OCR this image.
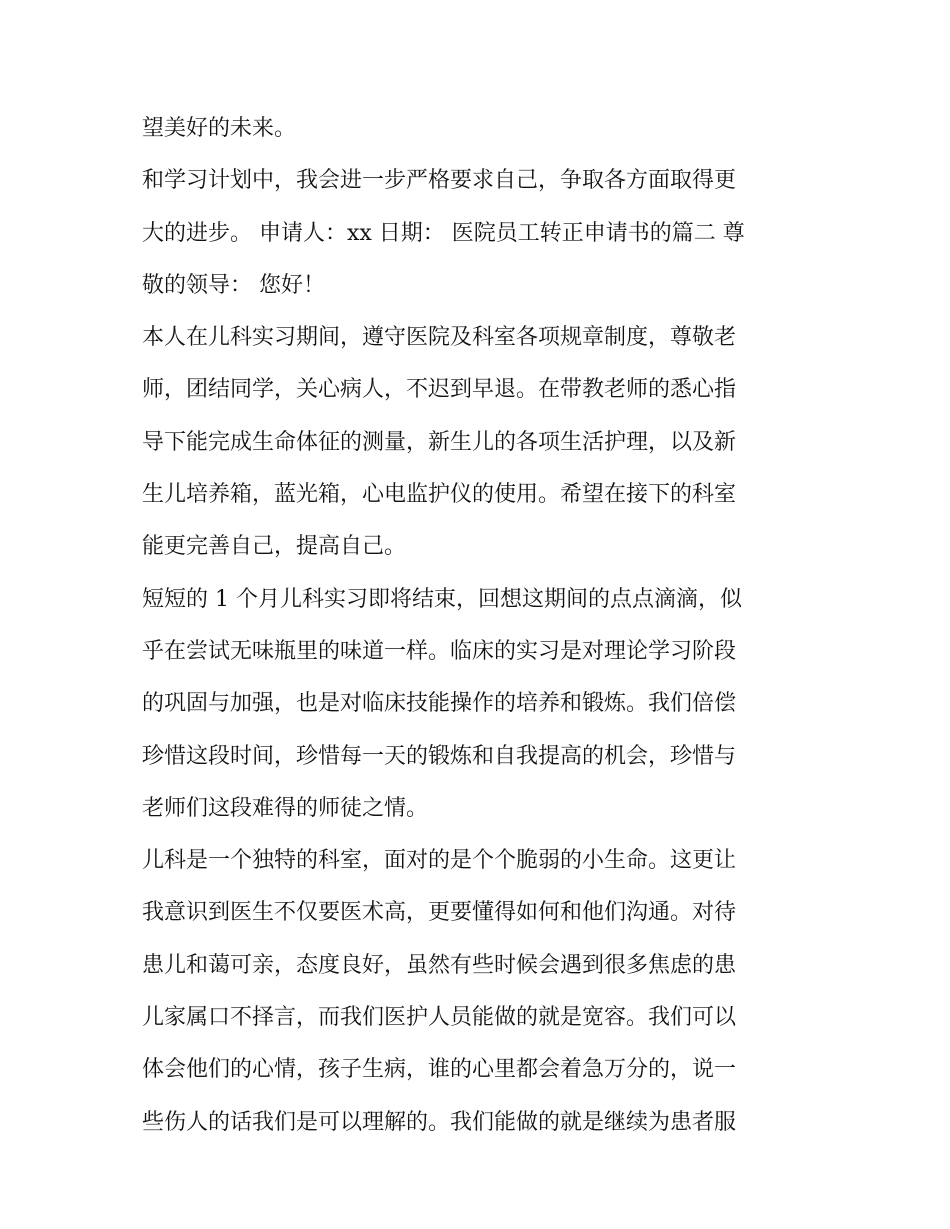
望美好的未来。
和学习计划中，我会进一步严格要求自己，争取各方面取得更
大的进步。 申请人：xx 日期： 医院员工转正申请书的篇二 尊
敬的领导： 您好！
本人在儿科实习期间，遵守医院及科室各项规章制度，尊敬老
师，团结同学，关心病人，不迟到早退。在带教老师的悉心指
导下能完成生命体征的测量，新生儿的各项生活护理，以及新
生儿培养箱，蓝光箱，心电监护仪的使用。希望在接下的科室
能更完善自己，提高自己。
短短的 1 个月儿科实习即将结束，回想这期间的点点滴滴，似
乎在尝试无味瓶里的味道一样。临床的实习是对理论学习阶段
的巩固与加强，也是对临床技能操作的培养和锻炼。我们倍偿
珍惜这段时间，珍惜每一天的锻炼和自我提高的机会，珍惜与
老师们这段难得的师徒之情。
儿科是一个独特的科室，面对的是个个脆弱的小生命。这更让
我意识到医生不仅要医术高，更要懂得如何和他们沟通。对待
患儿和蔼可亲，态度良好，虽然有些时候会遇到很多焦虑的患
儿家属口不择言，而我们医护人员能做的就是宽容。我们可以
体会他们的心情，孩子生病，谁的心里都会着急万分的，说一
些伤人的话我们是可以理解的。我们能做的就是继续为患者服
